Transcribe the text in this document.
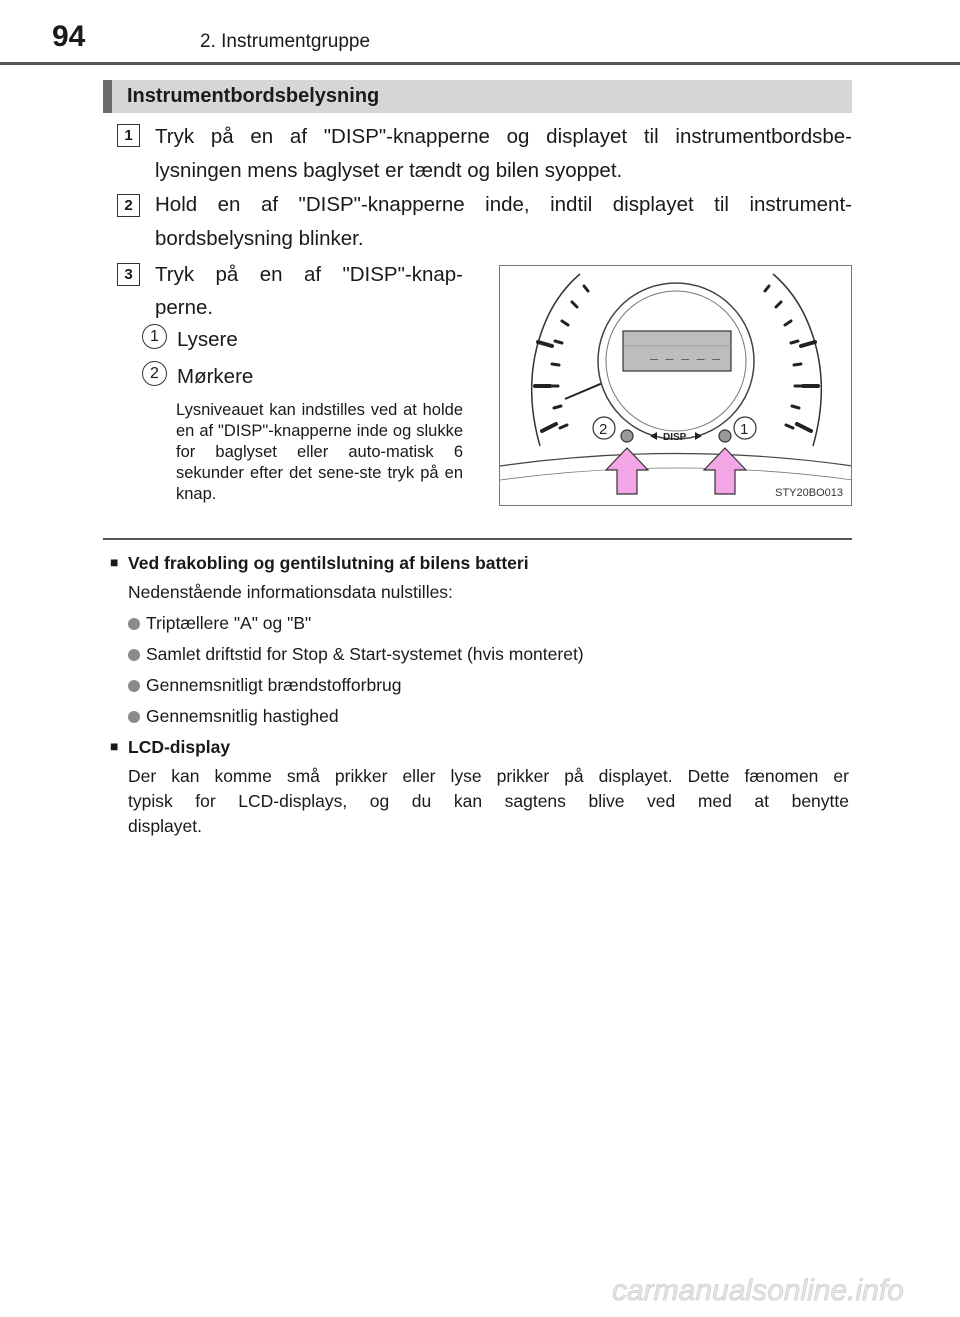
94	2. Instrumentgruppe
Instrumentbordsbelysning
1	Tryk på en af "DISP"-knapperne og displayet til instrumentbordsbe-
lysningen mens baglyset er tændt og bilen syoppet.
2	Hold en af "DISP"-knapperne inde, indtil displayet til instrument-
bordsbelysning blinker.
3	Tryk på en af "DISP"-knap-
perne.
1 Lysere
2 Mørkere
Lysniveauet kan indstilles ved at holde en af "DISP"-knapperne inde og slukke for baglyset eller auto-matisk 6 sekunder efter det sene-ste tryk på en knap.
_ _ _ _ _
DISP
2	1
STY20BO013
■ Ved frakobling og gentilslutning af bilens batteri
Nedenstående informationsdata nulstilles:
Triptællere "A" og "B"
Samlet driftstid for Stop & Start-systemet (hvis monteret)
Gennemsnitligt brændstofforbrug
Gennemsnitlig hastighed
■ LCD-display
Der kan komme små prikker eller lyse prikker på displayet. Dette fænomen er
typisk for LCD-displays, og du kan sagtens blive ved med at benytte
displayet.
carmanualsonline.info
